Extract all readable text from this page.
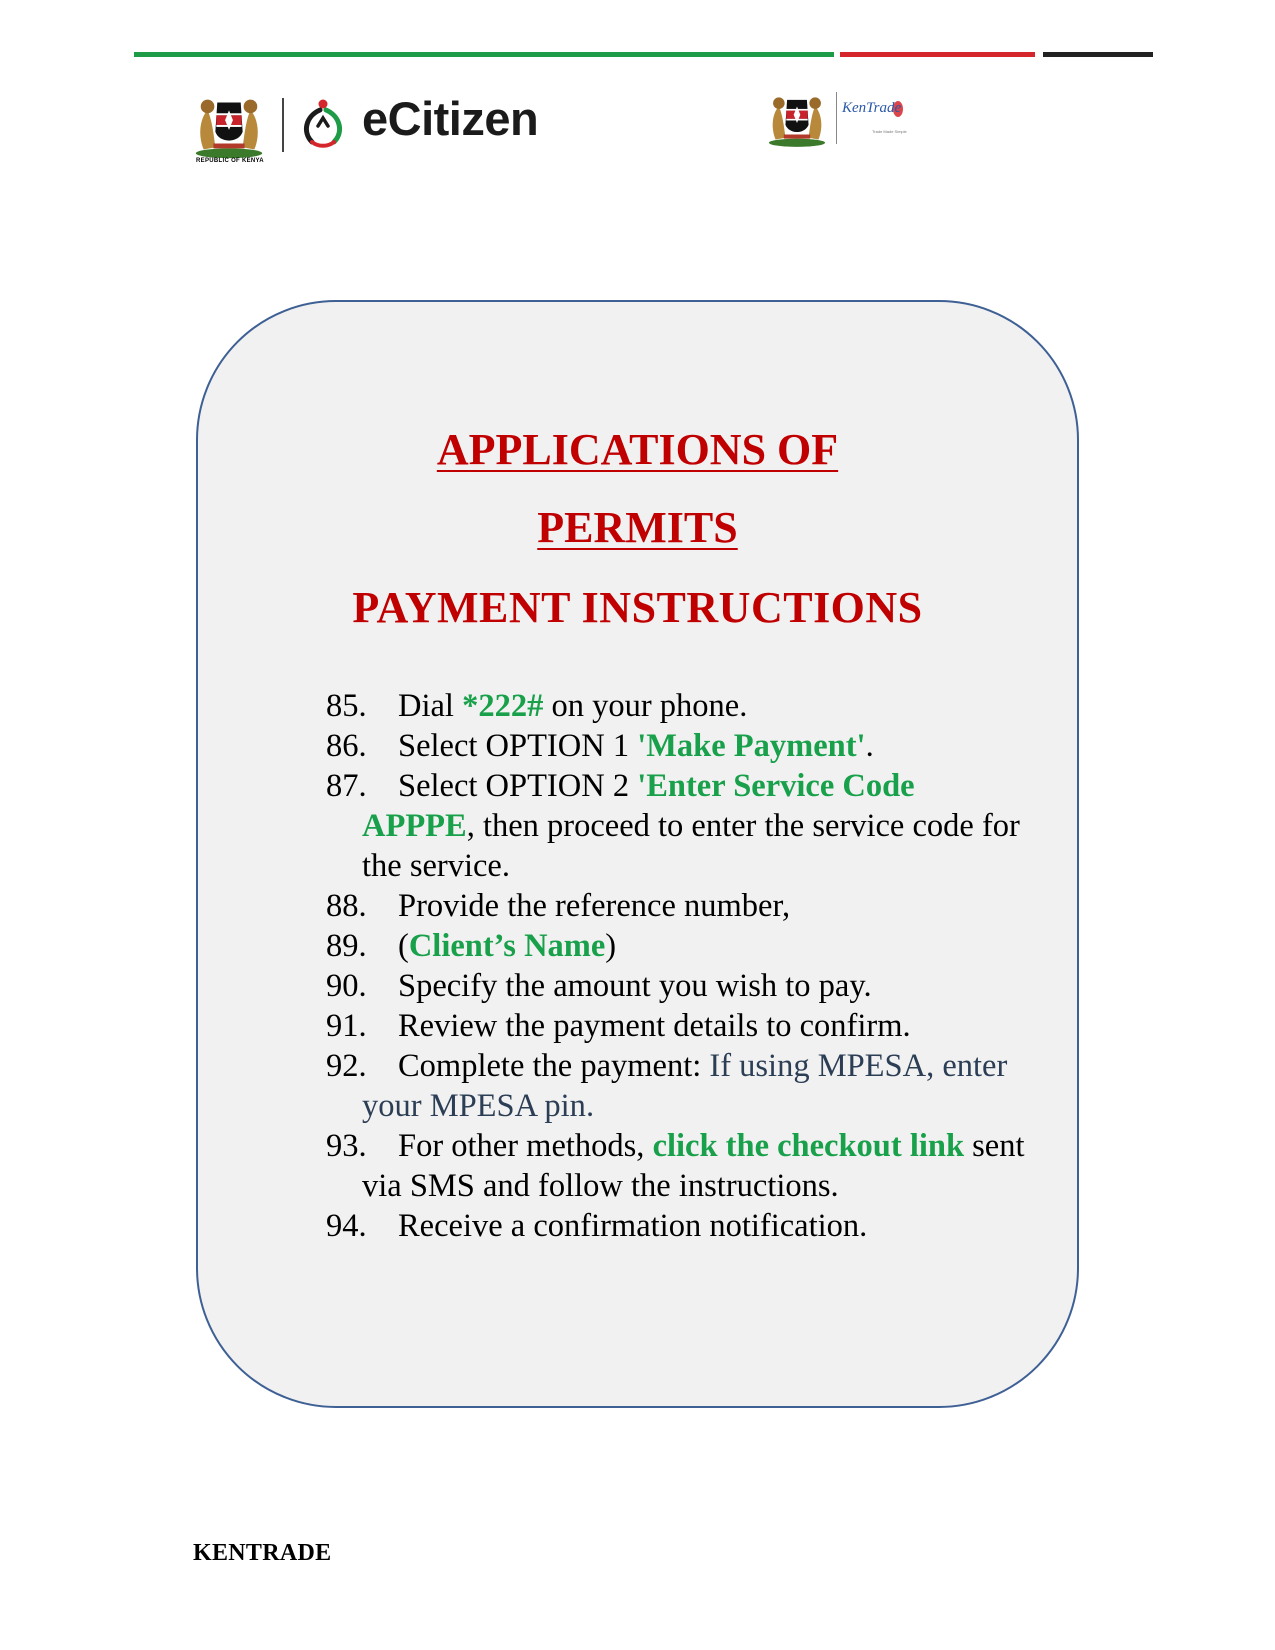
REPUBLIC OF KENYA
eCitizen	KenTrade
Trade Made Simple
APPLICATIONS OF
PERMITS
PAYMENT INSTRUCTIONS
85. Dial *222# on your phone.
86. Select OPTION 1 'Make Payment'.
87. Select OPTION 2 'Enter Service Code APPPE, then proceed to enter the service code for the service.
88. Provide the reference number,
89. (Client’s Name)
90. Specify the amount you wish to pay.
91. Review the payment details to confirm.
92. Complete the payment: If using MPESA, enter your MPESA pin.
93. For other methods, click the checkout link sent via SMS and follow the instructions.
94. Receive a confirmation notification.
KENTRADE
